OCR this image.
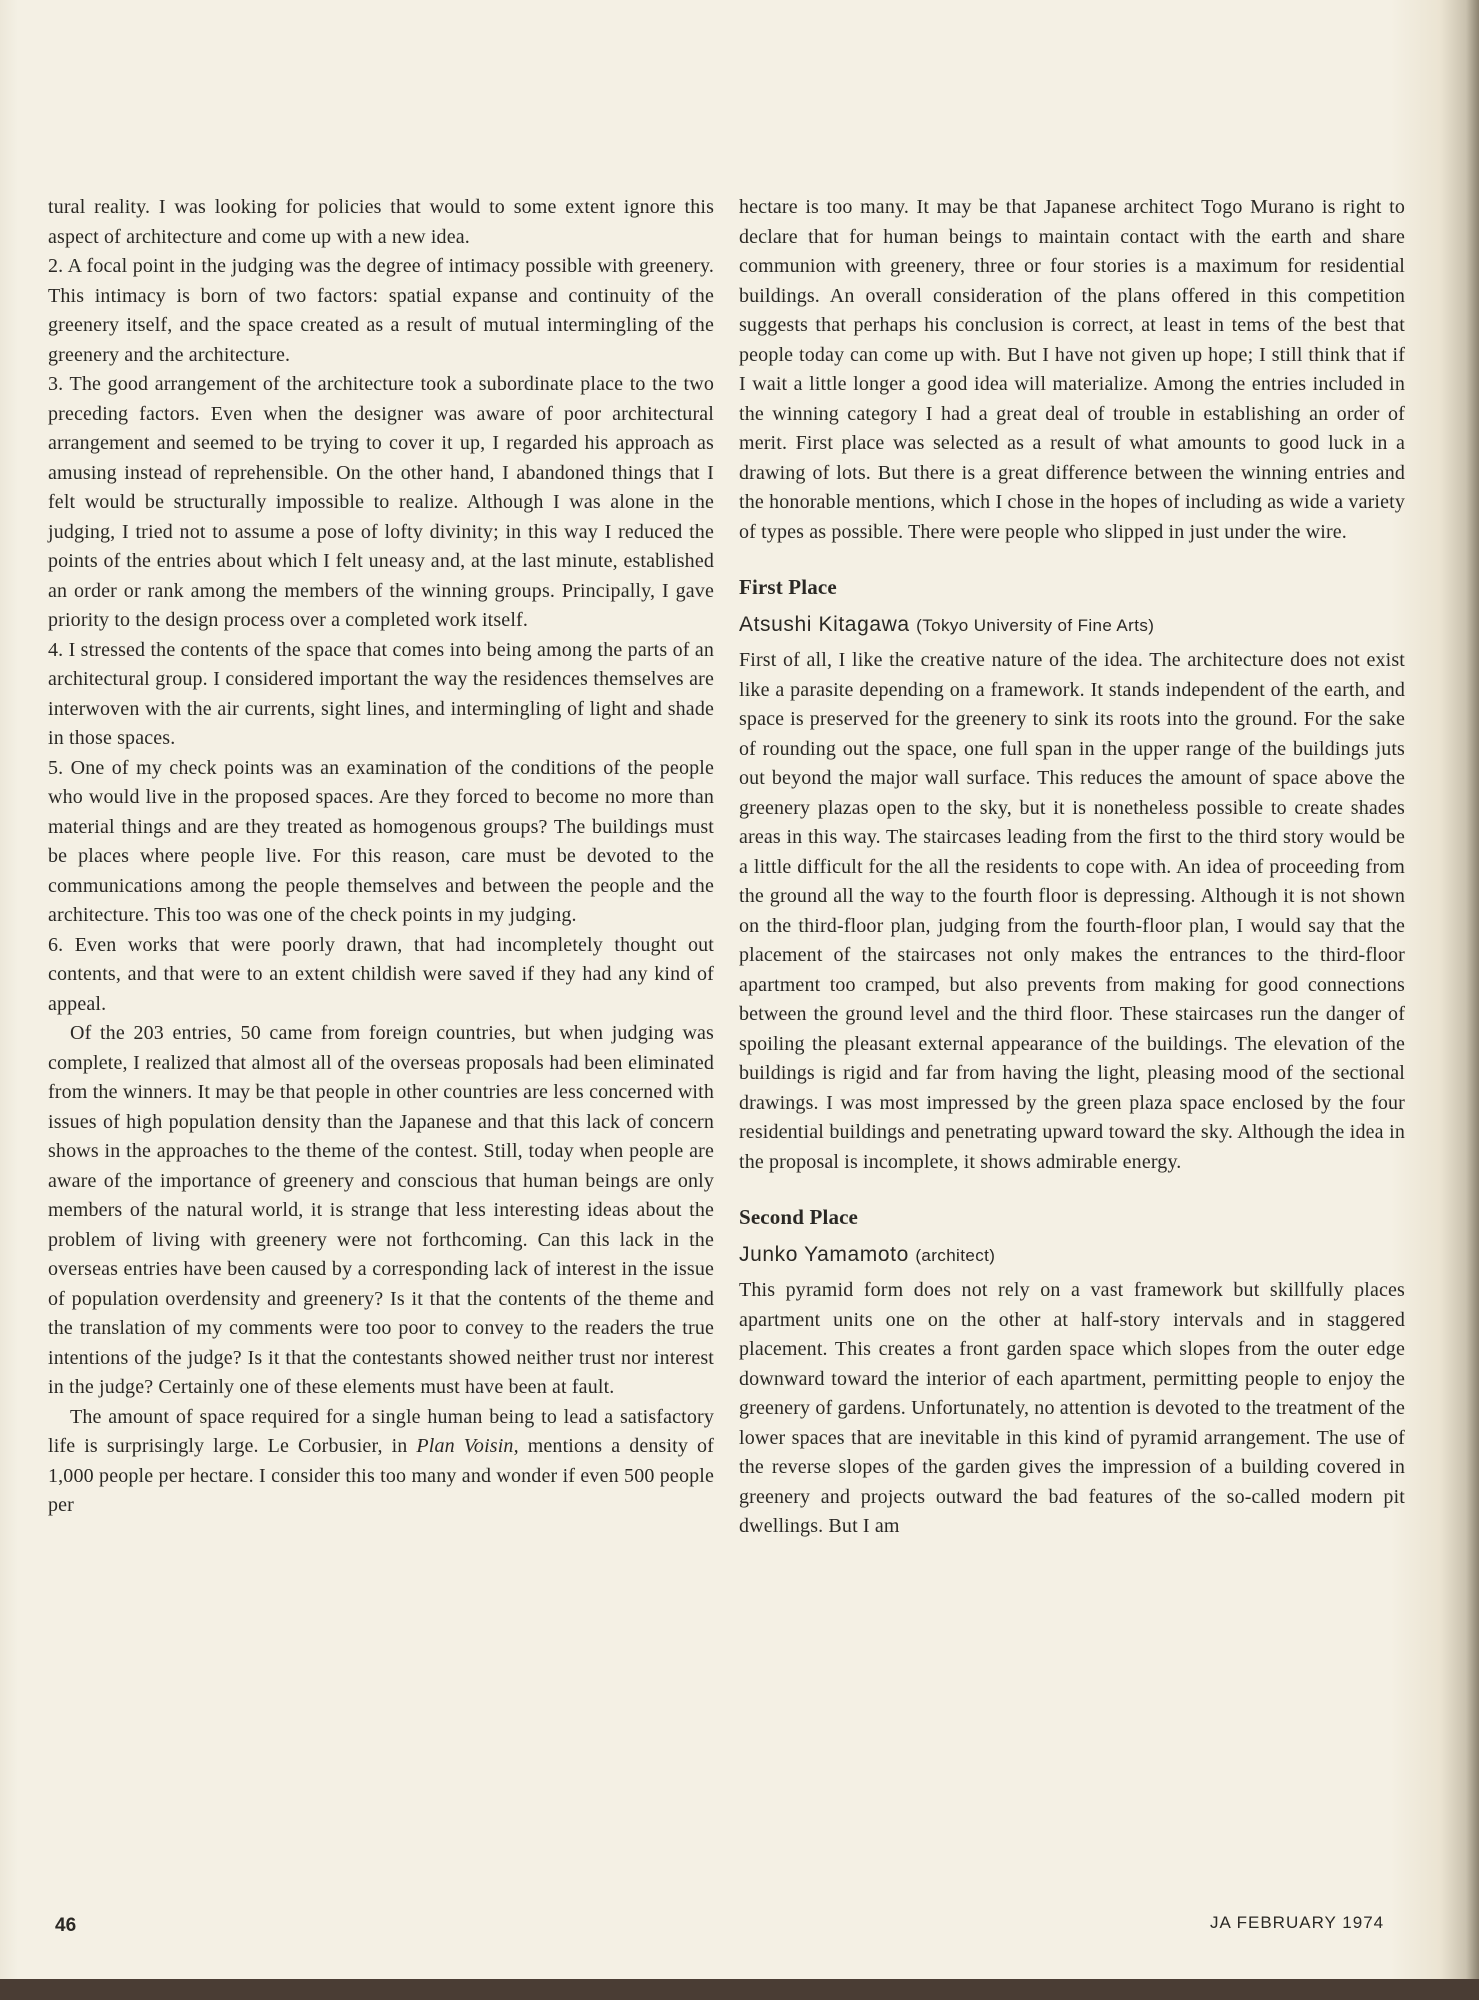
tural reality. I was looking for policies that would to some extent ignore this aspect of architecture and come up with a new idea.

2. A focal point in the judging was the degree of intimacy possible with greenery. This intimacy is born of two factors: spatial expanse and continuity of the greenery itself, and the space created as a result of mutual intermingling of the greenery and the architecture.

3. The good arrangement of the architecture took a subordinate place to the two preceding factors. Even when the designer was aware of poor architectural arrangement and seemed to be trying to cover it up, I regarded his approach as amusing instead of reprehensible. On the other hand, I abandoned things that I felt would be structurally impossible to realize. Although I was alone in the judging, I tried not to assume a pose of lofty divinity; in this way I reduced the points of the entries about which I felt uneasy and, at the last minute, established an order or rank among the members of the winning groups. Principally, I gave priority to the design process over a completed work itself.

4. I stressed the contents of the space that comes into being among the parts of an architectural group. I considered important the way the residences themselves are interwoven with the air currents, sight lines, and intermingling of light and shade in those spaces.

5. One of my check points was an examination of the conditions of the people who would live in the proposed spaces. Are they forced to become no more than material things and are they treated as homogenous groups? The buildings must be places where people live. For this reason, care must be devoted to the communications among the people themselves and between the people and the architecture. This too was one of the check points in my judging.

6. Even works that were poorly drawn, that had incompletely thought out contents, and that were to an extent childish were saved if they had any kind of appeal.

Of the 203 entries, 50 came from foreign countries, but when judging was complete, I realized that almost all of the overseas proposals had been eliminated from the winners. It may be that people in other countries are less concerned with issues of high population density than the Japanese and that this lack of concern shows in the approaches to the theme of the contest. Still, today when people are aware of the importance of greenery and conscious that human beings are only members of the natural world, it is strange that less interesting ideas about the problem of living with greenery were not forthcoming. Can this lack in the overseas entries have been caused by a corresponding lack of interest in the issue of population overdensity and greenery? Is it that the contents of the theme and the translation of my comments were too poor to convey to the readers the true intentions of the judge? Is it that the contestants showed neither trust nor interest in the judge? Certainly one of these elements must have been at fault.

The amount of space required for a single human being to lead a satisfactory life is surprisingly large. Le Corbusier, in Plan Voisin, mentions a density of 1,000 people per hectare. I consider this too many and wonder if even 500 people per

hectare is too many. It may be that Japanese architect Togo Murano is right to declare that for human beings to maintain contact with the earth and share communion with greenery, three or four stories is a maximum for residential buildings. An overall consideration of the plans offered in this competition suggests that perhaps his conclusion is correct, at least in tems of the best that people today can come up with. But I have not given up hope; I still think that if I wait a little longer a good idea will materialize. Among the entries included in the winning category I had a great deal of trouble in establishing an order of merit. First place was selected as a result of what amounts to good luck in a drawing of lots. But there is a great difference between the winning entries and the honorable mentions, which I chose in the hopes of including as wide a variety of types as possible. There were people who slipped in just under the wire.

First Place
Atsushi Kitagawa (Tokyo University of Fine Arts)

First of all, I like the creative nature of the idea. The architecture does not exist like a parasite depending on a framework. It stands independent of the earth, and space is preserved for the greenery to sink its roots into the ground. For the sake of rounding out the space, one full span in the upper range of the buildings juts out beyond the major wall surface. This reduces the amount of space above the greenery plazas open to the sky, but it is nonetheless possible to create shades areas in this way. The staircases leading from the first to the third story would be a little difficult for the all the residents to cope with. An idea of proceeding from the ground all the way to the fourth floor is depressing. Although it is not shown on the third-floor plan, judging from the fourth-floor plan, I would say that the placement of the staircases not only makes the entrances to the third-floor apartment too cramped, but also prevents from making for good connections between the ground level and the third floor. These staircases run the danger of spoiling the pleasant external appearance of the buildings. The elevation of the buildings is rigid and far from having the light, pleasing mood of the sectional drawings. I was most impressed by the green plaza space enclosed by the four residential buildings and penetrating upward toward the sky. Although the idea in the proposal is incomplete, it shows admirable energy.

Second Place
Junko Yamamoto (architect)

This pyramid form does not rely on a vast framework but skillfully places apartment units one on the other at half-story intervals and in staggered placement. This creates a front garden space which slopes from the outer edge downward toward the interior of each apartment, permitting people to enjoy the greenery of gardens. Unfortunately, no attention is devoted to the treatment of the lower spaces that are inevitable in this kind of pyramid arrangement. The use of the reverse slopes of the garden gives the impression of a building covered in greenery and projects outward the bad features of the so-called modern pit dwellings. But I am

46	JA FEBRUARY 1974
